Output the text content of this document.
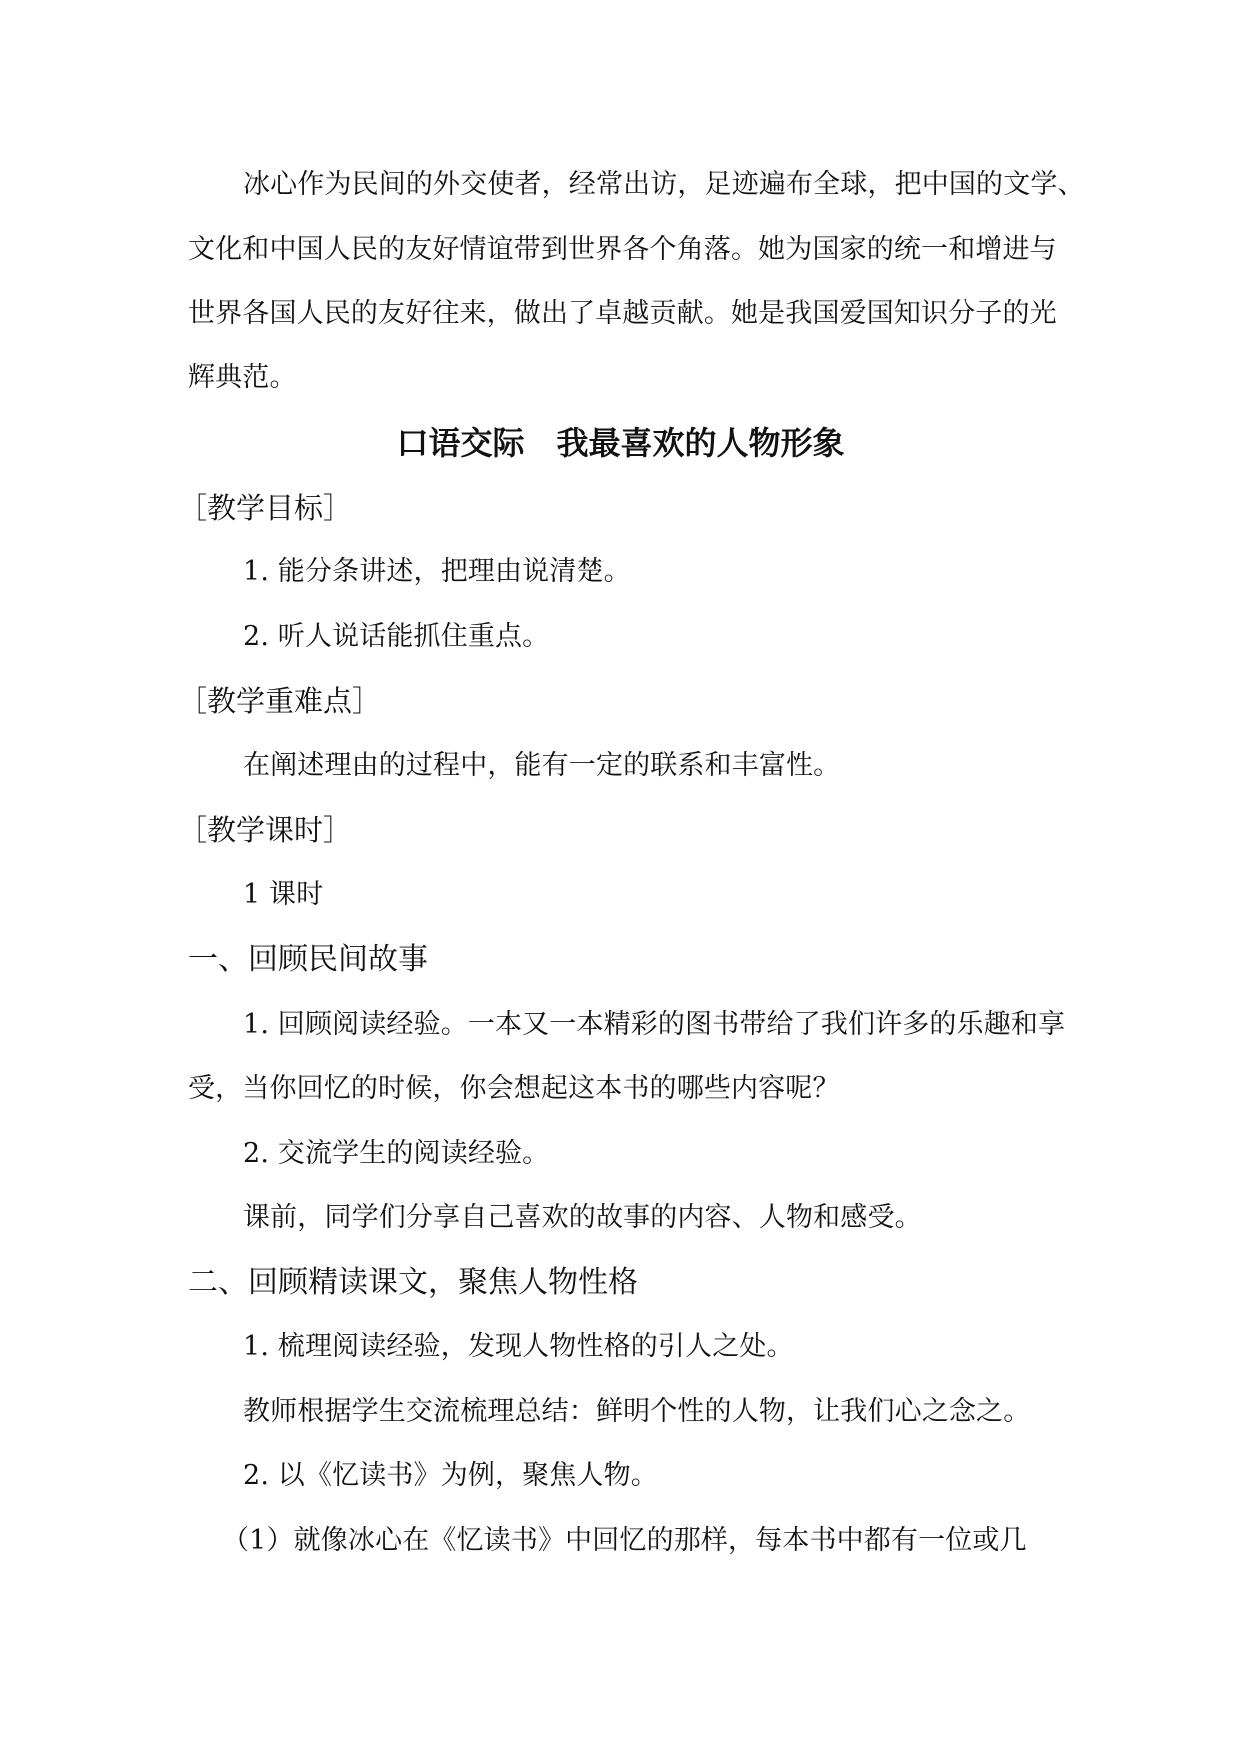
冰心作为民间的外交使者，经常出访，足迹遍布全球，把中国的文学、
文化和中国人民的友好情谊带到世界各个角落。她为国家的统一和增进与
世界各国人民的友好往来，做出了卓越贡献。她是我国爱国知识分子的光
辉典范。
口语交际　我最喜欢的人物形象
［教学目标］
1. 能分条讲述，把理由说清楚。
2. 听人说话能抓住重点。
［教学重难点］
在阐述理由的过程中，能有一定的联系和丰富性。
［教学课时］
1 课时
一、回顾民间故事
1. 回顾阅读经验。一本又一本精彩的图书带给了我们许多的乐趣和享
受，当你回忆的时候，你会想起这本书的哪些内容呢？
2. 交流学生的阅读经验。
课前，同学们分享自己喜欢的故事的内容、人物和感受。
二、回顾精读课文，聚焦人物性格
1. 梳理阅读经验，发现人物性格的引人之处。
教师根据学生交流梳理总结：鲜明个性的人物，让我们心之念之。
2. 以《忆读书》为例，聚焦人物。
（1）就像冰心在《忆读书》中回忆的那样，每本书中都有一位或几
